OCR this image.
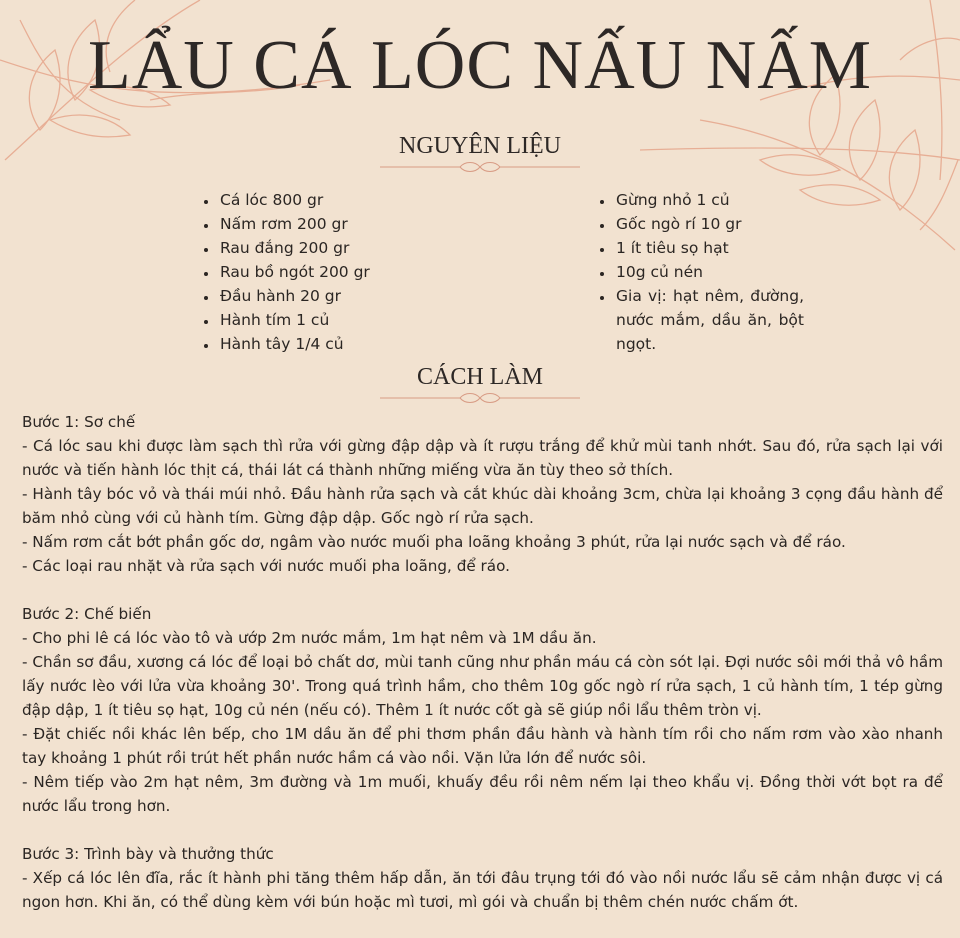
LẨU CÁ LÓC NẤU NẤM
NGUYÊN LIỆU
• Cá lóc 800 gr
• Nấm rơm 200 gr
• Rau đắng 200 gr
• Rau bồ ngót 200 gr
• Đầu hành 20 gr
• Hành tím 1 củ
• Hành tây 1/4 củ
• Gừng nhỏ 1 củ
• Gốc ngò rí 10 gr
• 1 ít tiêu sọ hạt
• 10g củ nén
• Gia vị: hạt nêm, đường, nước mắm, dầu ăn, bột ngọt.
CÁCH LÀM
Bước 1: Sơ chế

- Cá lóc sau khi được làm sạch thì rửa với gừng đập dập và ít rượu trắng để khử mùi tanh nhớt. Sau đó, rửa sạch lại với nước và tiến hành lóc thịt cá, thái lát cá thành những miếng vừa ăn tùy theo sở thích.

- Hành tây bóc vỏ và thái múi nhỏ. Đầu hành rửa sạch và cắt khúc dài khoảng 3cm, chừa lại khoảng 3 cọng đầu hành để băm nhỏ cùng với củ hành tím. Gừng đập dập. Gốc ngò rí rửa sạch.

- Nấm rơm cắt bớt phần gốc dơ, ngâm vào nước muối pha loãng khoảng 3 phút, rửa lại nước sạch và để ráo.

- Các loại rau nhặt và rửa sạch với nước muối pha loãng, để ráo.

Bước 2: Chế biến

- Cho phi lê cá lóc vào tô và ướp 2m nước mắm, 1m hạt nêm và 1M dầu ăn.

- Chần sơ đầu, xương cá lóc để loại bỏ chất dơ, mùi tanh cũng như phần máu cá còn sót lại. Đợi nước sôi mới thả vô hầm lấy nước lèo với lửa vừa khoảng 30'. Trong quá trình hầm, cho thêm 10g gốc ngò rí rửa sạch, 1 củ hành tím, 1 tép gừng đập dập, 1 ít tiêu sọ hạt, 10g củ nén (nếu có). Thêm 1 ít nước cốt gà sẽ giúp nồi lẩu thêm tròn vị.

- Đặt chiếc nồi khác lên bếp, cho 1M dầu ăn để phi thơm phần đầu hành và hành tím rồi cho nấm rơm vào xào nhanh tay khoảng 1 phút rồi trút hết phần nước hầm cá vào nồi. Vặn lửa lớn để nước sôi.

- Nêm tiếp vào 2m hạt nêm, 3m đường và 1m muối, khuấy đều rồi nêm nếm lại theo khẩu vị. Đồng thời vớt bọt ra để nước lẩu trong hơn.

Bước 3: Trình bày và thưởng thức

- Xếp cá lóc lên đĩa, rắc ít hành phi tăng thêm hấp dẫn, ăn tới đâu trụng tới đó vào nồi nước lẩu sẽ cảm nhận được vị cá ngon hơn. Khi ăn, có thể dùng kèm với bún hoặc mì tươi, mì gói và chuẩn bị thêm chén nước chấm ớt.
